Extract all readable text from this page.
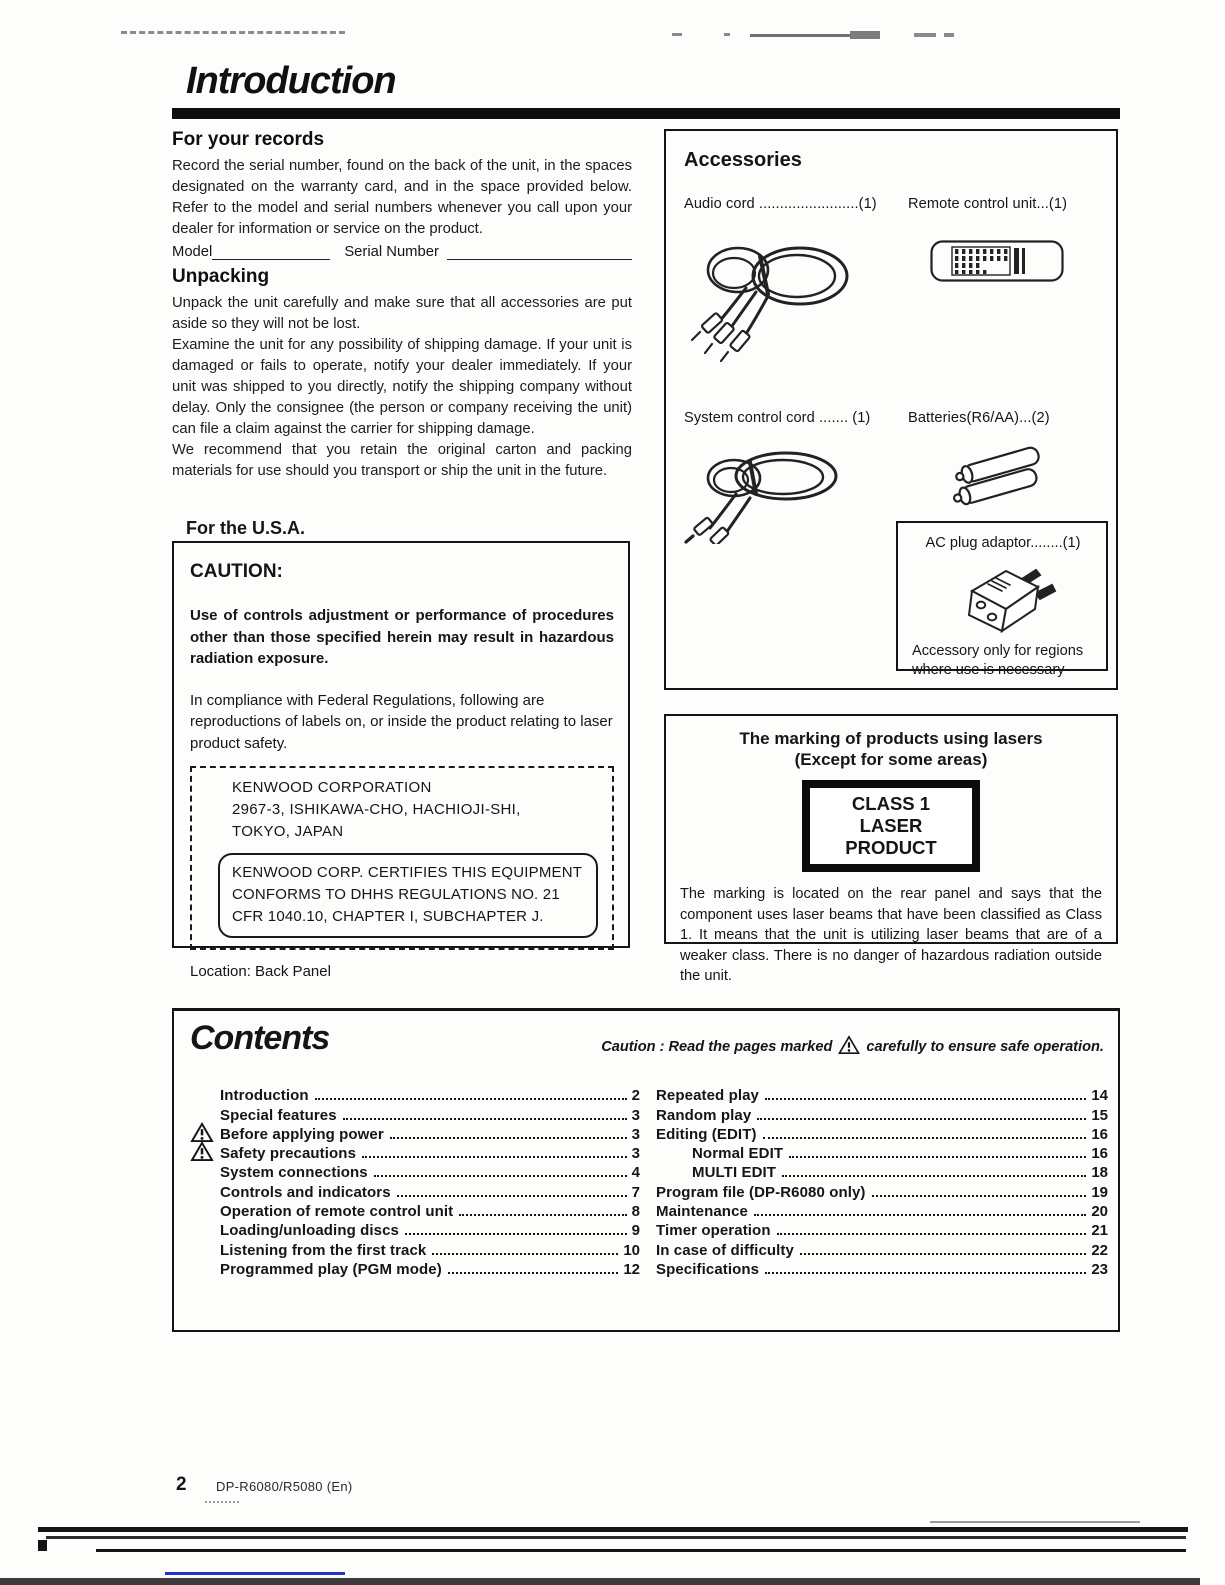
Introduction
For your records
Record the serial number, found on the back of the unit, in the spaces designated on the warranty card, and in the space provided below. Refer to the model and serial numbers whenever you call upon your dealer for information or service on the product.
Model	Serial Number
Unpacking
Unpack the unit carefully and make sure that all accessories are put aside so they will not be lost.
Examine the unit for any possibility of shipping damage. If your unit is damaged or fails to operate, notify your dealer immediately. If your unit was shipped to you directly, notify the shipping company without delay. Only the consignee (the person or company receiving the unit) can file a claim against the carrier for shipping damage.
We recommend that you retain the original carton and packing materials for use should you transport or ship the unit in the future.
For the U.S.A.
CAUTION:
Use of controls adjustment or performance of procedures other than those specified herein may result in hazardous radiation exposure.
In compliance with Federal Regulations, following are reproductions of labels on, or inside the product relating to laser product safety.
KENWOOD CORPORATION
2967-3, ISHIKAWA-CHO, HACHIOJI-SHI,
TOKYO, JAPAN
KENWOOD CORP. CERTIFIES THIS EQUIPMENT
CONFORMS TO DHHS REGULATIONS NO. 21
CFR 1040.10, CHAPTER I, SUBCHAPTER J.
Location: Back Panel
Accessories
Audio cord ........................(1)	Remote control unit...(1)
System control cord ....... (1)	Batteries(R6/AA)...(2)
AC plug adaptor........(1)
Accessory only for regions
where use is necessary
The marking of products using lasers
(Except for some areas)
CLASS 1
LASER PRODUCT
The marking is located on the rear panel and says that the component uses laser beams that have been classified as Class 1. It means that the unit is utilizing laser beams that are of a weaker class. There is no danger of hazardous radiation outside the unit.
Contents	Caution : Read the pages marked carefully to ensure safe operation.
Introduction	2
Special features	3
Before applying power	3
Safety precautions	3
System connections	4
Controls and indicators	7
Operation of remote control unit	8
Loading/unloading discs	9
Listening from the first track	10
Programmed play (PGM mode)	12
Repeated play	14
Random play	15
Editing (EDIT)	16
Normal EDIT	16
MULTI EDIT	18
Program file (DP-R6080 only)	19
Maintenance	20
Timer operation	21
In case of difficulty	22
Specifications	23
2 DP-R6080/R5080 (En)
